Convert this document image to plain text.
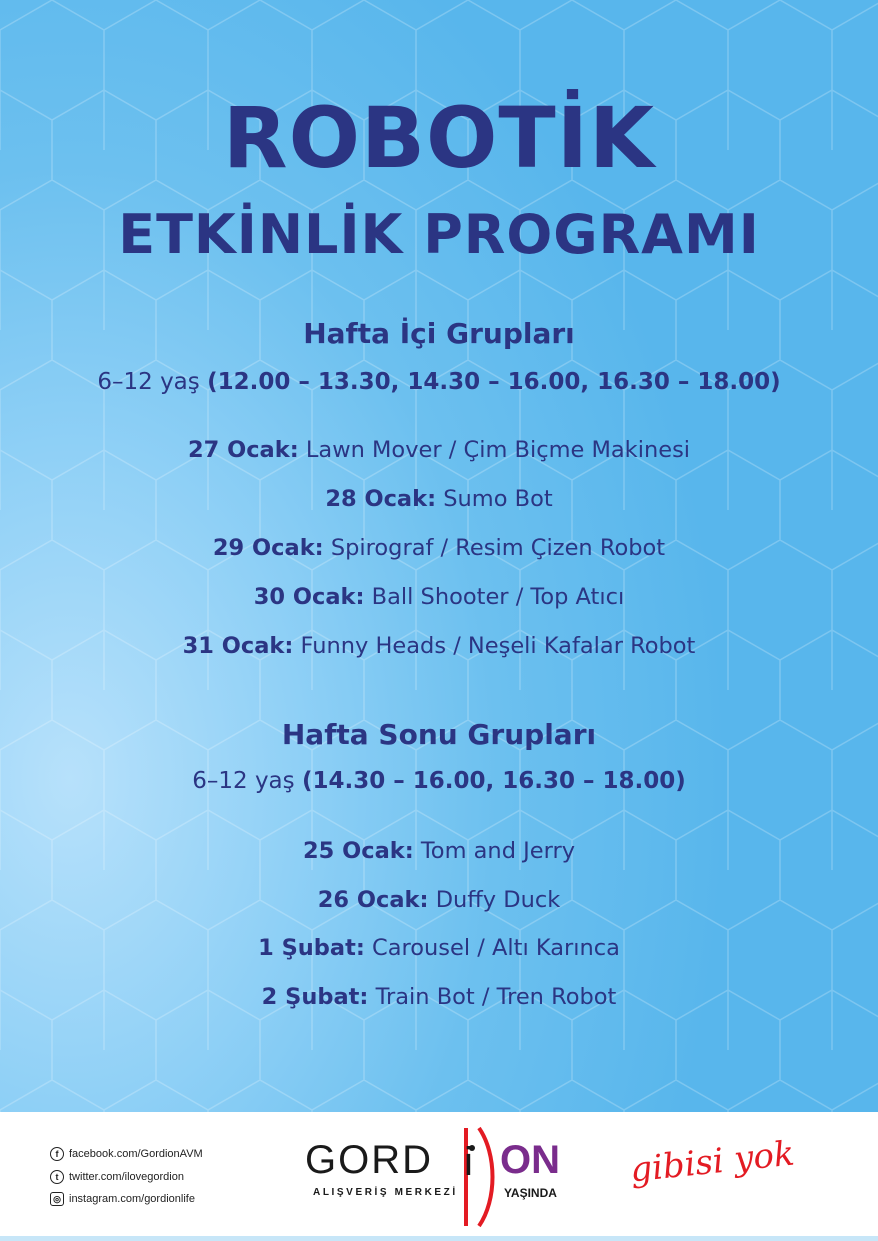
ROBOTİK
ETKİNLİK PROGRAMI
Hafta İçi Grupları
6–12 yaş (12.00 – 13.30, 14.30 – 16.00, 16.30 – 18.00)
27 Ocak: Lawn Mover / Çim Biçme Makinesi
28 Ocak: Sumo Bot
29 Ocak: Spirograf / Resim Çizen Robot
30 Ocak: Ball Shooter / Top Atıcı
31 Ocak: Funny Heads / Neşeli Kafalar Robot
Hafta Sonu Grupları
6–12 yaş (14.30 – 16.00, 16.30 – 18.00)
25 Ocak: Tom and Jerry
26 Ocak: Duffy Duck
1 Şubat: Carousel / Altı Karınca
2 Şubat: Train Bot / Tren Robot
f facebook.com/GordionAVM
t twitter.com/ilovegordion
◎ instagram.com/gordionlife
GORD i ON
ALIŞVERİŞ MERKEZİ	YAŞINDA
gibisi yok
